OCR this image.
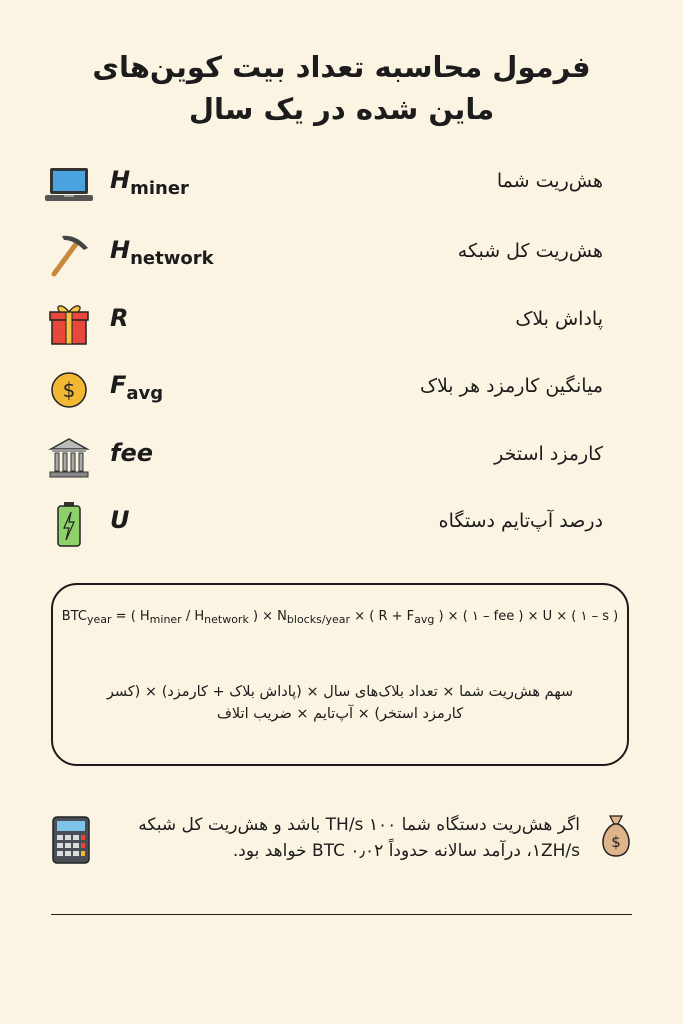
فرمول محاسبه تعداد بیت کوین‌های
ماین شده در یک سال
$H_{miner}$	هش‌ریت شما
$H_{network}$	هش‌ریت کل شبکه
R	پاداش بلاک
$ $F_{avg}$	میانگین کارمزد هر بلاک
fee	کارمزد استخر
U	درصد آپ‌تایم دستگاه
$BTC_{year}$ = ( $H_{miner} / H_{network}$ ) × $N_{blocks/year}$ × ( $R + F_{avg}$ ) × ( ۱ – fee ) × U × ( ۱ – s )
سهم هش‌ریت شما × تعداد بلاک‌های سال × (پاداش بلاک + کارمزد) × (کسر کارمزد استخر) × آپ‌تایم × ضریب اتلاف
اگر هش‌ریت دستگاه شما ۱۰۰ TH/s باشد و هش‌ریت کل شبکه ۱ZH/s، درآمد سالانه حدوداً ۰٫۰۲ BTC خواهد بود. $
